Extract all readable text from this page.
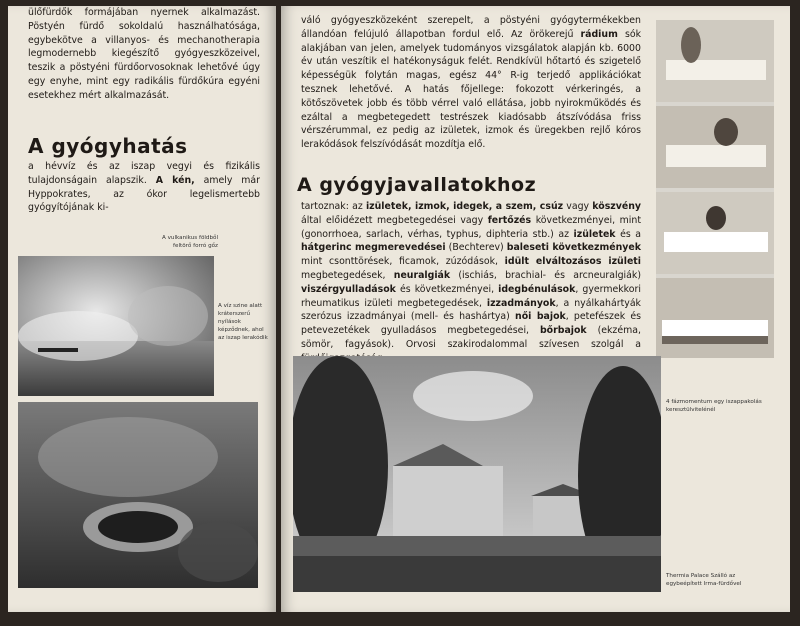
ülőfürdők formájában nyernek alkalmazást. Pöstyén fürdő sokoldalú használhatósága, egybekötve a villanyos- és mechanotherapia legmodernebb kiegészítő gyógyeszközeivel, teszik a pöstyéni fürdőorvosoknak lehetővé úgy egy enyhe, mint egy radikális fürdőkúra egyéni esetekhez mért alkalmazását.

A gyógyhatás

a hévvíz és az iszap vegyi és fizikális tulajdonságain alapszik. A kén, amely már Hyppokrates, az ókor legelismertebb gyógyítójának ki-

A vulkanikus földből feltörő forró gőz

A víz szine alatt kráterszerű nyílások képződnek, ahol az iszap lerakódik

váló gyógyeszközeként szerepelt, a pöstyéni gyógytermékekben állandóan felújuló állapotban fordul elő. Az örökerejű rádium sók alakjában van jelen, amelyek tudományos vizsgálatok alapján kb. 6000 év után veszítik el hatékonyságuk felét. Rendkívül hőtartó és szigetelő képességük folytán magas, egész 44° R-ig terjedő applikációkat tesznek lehetővé. A hatás főjellege: fokozott vérkeringés, a kötőszövetek jobb és több vérrel való ellátása, jobb nyirokműködés és ezáltal a megbetegedett testrészek kiadósabb átszívódása friss vérszérummal, ez pedig az izületek, izmok és üregekben rejlő kóros lerakódások felszívódását mozdítja elő.

A gyógyjavallatokhoz

tartoznak: az izületek, izmok, idegek, a szem, csúz vagy köszvény által előidézett megbetegedései vagy fertőzés következményei, mint (gonorrhoea, sarlach, vérhas, typhus, diphteria stb.) az izületek és a hátgerinc megmerevedései (Bechterev) baleseti következmények mint csonttörések, ficamok, zúzódások, idült elváltozásos izületi megbetegedések, neuralgiák (ischiás, brachial- és arcneuralgiák) viszérgyulladások és következményei, idegbénulások, gyermekkori rheumatikus izületi megbetegedések, izzadmányok, a nyálkahártyák szerózus izzadmányai (mell- és hashártya) női bajok, petefészek és petevezetékek gyulladásos megbetegedései, bőrbajok (ekzéma, sömör, fagyások). Orvosi szakirodalommal szívesen szolgál a

4 fázmomentum egy iszappakolás keresztülvitelénél

Thermia Palace Szálló az egybeépített Irma-fürdővel
